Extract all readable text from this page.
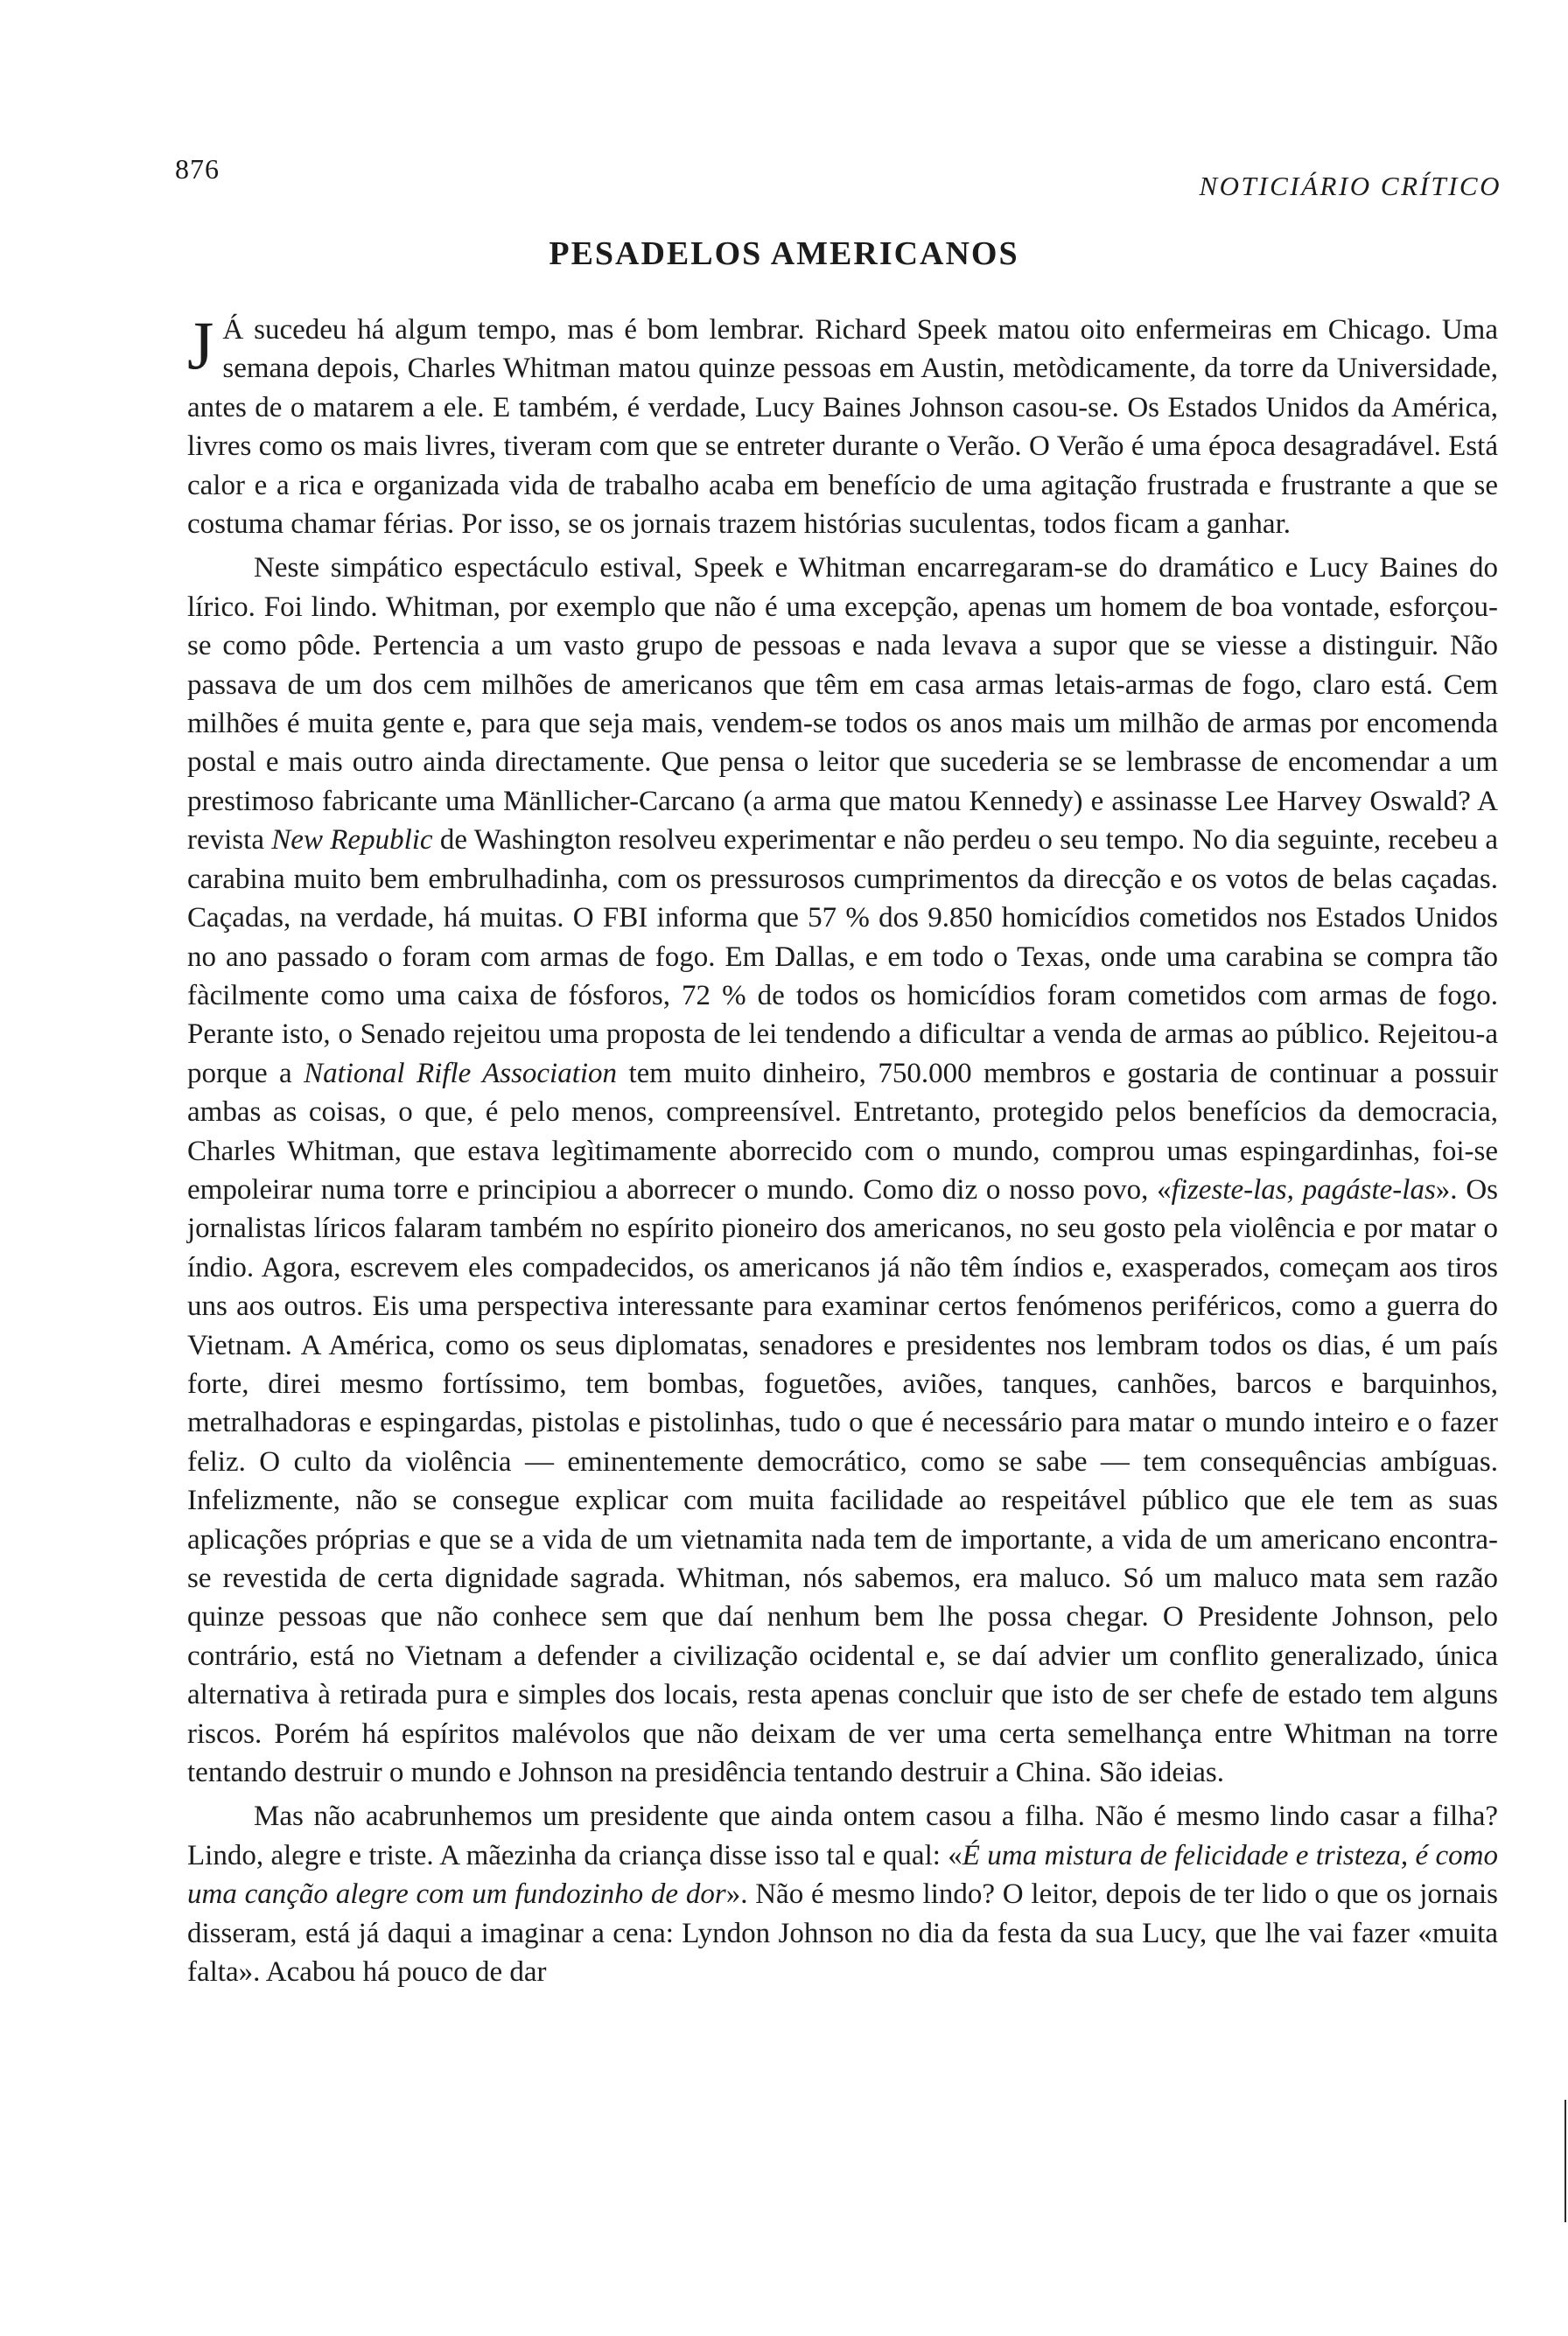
876
NOTICIÁRIO CRÍTICO
PESADELOS AMERICANOS

J Á sucedeu há algum tempo, mas é bom lembrar. Richard Speek matou oito enfermeiras em Chicago. Uma semana depois, Charles Whitman matou quinze pessoas em Austin, metòdicamente, da torre da Universidade, antes de o matarem a ele. E também, é verdade, Lucy Baines Johnson casou-se. Os Estados Unidos da América, livres como os mais livres, tiveram com que se entreter durante o Verão. O Verão é uma época desagradável. Está calor e a rica e organizada vida de trabalho acaba em benefício de uma agitação frustrada e frustrante a que se costuma chamar férias. Por isso, se os jornais trazem histórias suculentas, todos ficam a ganhar.

Neste simpático espectáculo estival, Speek e Whitman encarregaram-se do dramático e Lucy Baines do lírico. Foi lindo. Whitman, por exemplo que não é uma excepção, apenas um homem de boa vontade, esforçou-se como pôde. Pertencia a um vasto grupo de pessoas e nada levava a supor que se viesse a distinguir. Não passava de um dos cem milhões de americanos que têm em casa armas letais-armas de fogo, claro está. Cem milhões é muita gente e, para que seja mais, vendem-se todos os anos mais um milhão de armas por encomenda postal e mais outro ainda directamente. Que pensa o leitor que sucederia se se lembrasse de encomendar a um prestimoso fabricante uma Mänllicher-Carcano (a arma que matou Kennedy) e assinasse Lee Harvey Oswald? A revista New Republic de Washington resolveu experimentar e não perdeu o seu tempo. No dia seguinte, recebeu a carabina muito bem embrulhadinha, com os pressurosos cumprimentos da direcção e os votos de belas caçadas. Caçadas, na verdade, há muitas. O FBI informa que 57 % dos 9.850 homicídios cometidos nos Estados Unidos no ano passado o foram com armas de fogo. Em Dallas, e em todo o Texas, onde uma carabina se compra tão fàcilmente como uma caixa de fósforos, 72 % de todos os homicídios foram cometidos com armas de fogo. Perante isto, o Senado rejeitou uma proposta de lei tendendo a dificultar a venda de armas ao público. Rejeitou-a porque a National Rifle Association tem muito dinheiro, 750.000 membros e gostaria de continuar a possuir ambas as coisas, o que, é pelo menos, compreensível. Entretanto, protegido pelos benefícios da democracia, Charles Whitman, que estava legìtimamente aborrecido com o mundo, comprou umas espingardinhas, foi-se empoleirar numa torre e principiou a aborrecer o mundo. Como diz o nosso povo, «fizeste-las, pagáste-las». Os jornalistas líricos falaram também no espírito pioneiro dos americanos, no seu gosto pela violência e por matar o índio. Agora, escrevem eles compadecidos, os americanos já não têm índios e, exasperados, começam aos tiros uns aos outros. Eis uma perspectiva interessante para examinar certos fenómenos periféricos, como a guerra do Vietnam. A América, como os seus diplomatas, senadores e presidentes nos lembram todos os dias, é um país forte, direi mesmo fortíssimo, tem bombas, foguetões, aviões, tanques, canhões, barcos e barquinhos, metralhadoras e espingardas, pistolas e pistolinhas, tudo o que é necessário para matar o mundo inteiro e o fazer feliz. O culto da violência — eminentemente democrático, como se sabe — tem consequências ambíguas. Infelizmente, não se consegue explicar com muita facilidade ao respeitável público que ele tem as suas aplicações próprias e que se a vida de um vietnamita nada tem de importante, a vida de um americano encontra-se revestida de certa dignidade sagrada. Whitman, nós sabemos, era maluco. Só um maluco mata sem razão quinze pessoas que não conhece sem que daí nenhum bem lhe possa chegar. O Presidente Johnson, pelo contrário, está no Vietnam a defender a civilização ocidental e, se daí advier um conflito generalizado, única alternativa à retirada pura e simples dos locais, resta apenas concluir que isto de ser chefe de estado tem alguns riscos. Porém há espíritos malévolos que não deixam de ver uma certa semelhança entre Whitman na torre tentando destruir o mundo e Johnson na presidência tentando destruir a China. São ideias.

Mas não acabrunhemos um presidente que ainda ontem casou a filha. Não é mesmo lindo casar a filha? Lindo, alegre e triste. A mãezinha da criança disse isso tal e qual: «É uma mistura de felicidade e tristeza, é como uma canção alegre com um fundozinho de dor». Não é mesmo lindo? O leitor, depois de ter lido o que os jornais disseram, está já daqui a imaginar a cena: Lyndon Johnson no dia da festa da sua Lucy, que lhe vai fazer «muita falta». Acabou há pouco de dar
